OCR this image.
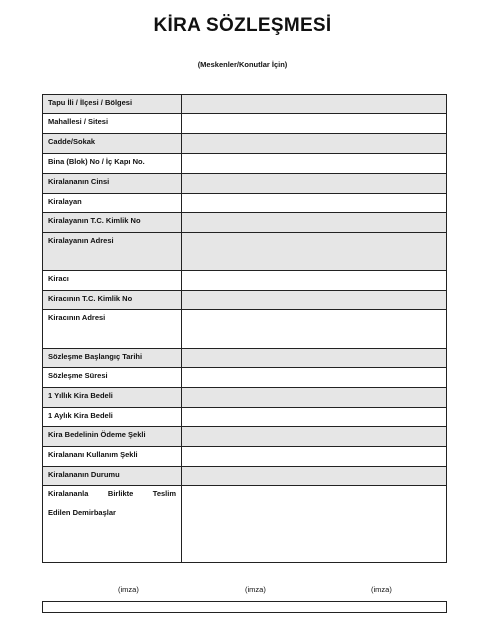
KİRA SÖZLEŞMESİ
(Meskenler/Konutlar İçin)
Tapu İli / İlçesi / Bölgesi	
Mahallesi / Sitesi	
Cadde/Sokak	
Bina (Blok) No / İç Kapı No.	
Kiralananın Cinsi	
Kiralayan	
Kiralayanın T.C. Kimlik No	
Kiralayanın Adresi	
Kiracı	
Kiracının T.C. Kimlik No	
Kiracının Adresi	
Sözleşme Başlangıç Tarihi	
Sözleşme Süresi	
1 Yıllık Kira Bedeli	
1 Aylık Kira Bedeli	
Kira Bedelinin Ödeme Şekli	
Kiralananı Kullanım Şekli	
Kiralananın Durumu	

Kiralananla Birlikte Teslim
Edilen Demirbaşlar	

(imza)	(imza)	(imza)
